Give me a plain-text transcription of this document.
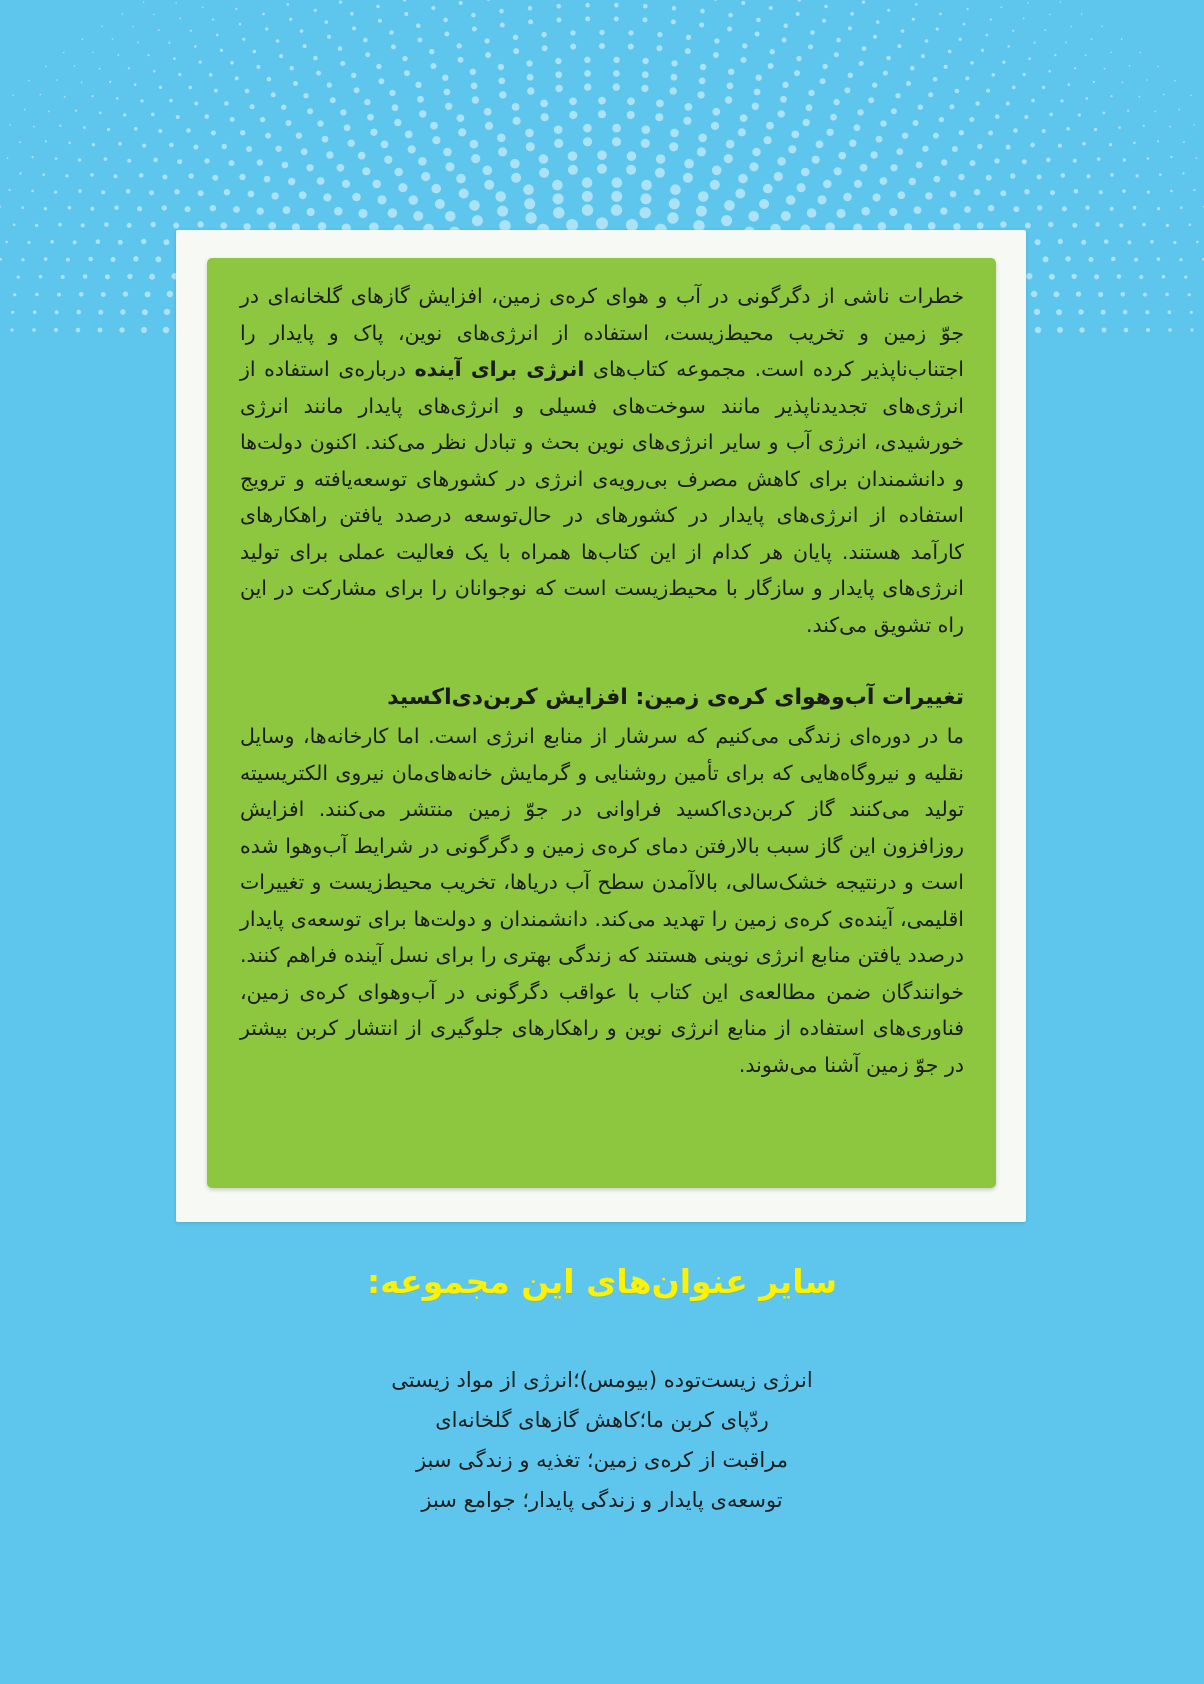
خطرات ناشی از دگرگونی در آب و هوای کره‌ی زمین، افزایش گازهای گلخانه‌ای در جوّ زمین و تخریب محیط‌زیست، استفاده از انرژی‌های نوین، پاک و پایدار را اجتناب‌ناپذیر کرده است. مجموعه کتاب‌های انرژی برای آینده درباره‌ی استفاده از انرژی‌های تجدیدناپذیر مانند سوخت‌های فسیلی و انرژی‌های پایدار مانند انرژی خورشیدی، انرژی آب و سایر انرژی‌های نوین بحث و تبادل نظر می‌کند. اکنون دولت‌ها و دانشمندان برای کاهش مصرف بی‌رویه‌ی انرژی در کشورهای توسعه‌یافته و ترویج استفاده از انرژی‌های پایدار در کشورهای در حال‌توسعه درصدد یافتن راهکارهای کارآمد هستند. پایان هر کدام از این کتاب‌ها همراه با یک فعالیت عملی برای تولید انرژی‌های پایدار و سازگار با محیط‌زیست است که نوجوانان را برای مشارکت در این راه تشویق می‌کند.

تغییرات آب‌وهوای کره‌ی زمین: افزایش کربن‌دی‌اکسید

ما در دوره‌ای زندگی می‌کنیم که سرشار از منابع انرژی است. اما کارخانه‌ها، وسایل نقلیه و نیروگاه‌هایی که برای تأمین روشنایی و گرمایش خانه‌های‌مان نیروی الکتریسیته تولید می‌کنند گاز کربن‌دی‌اکسید فراوانی در جوّ زمین منتشر می‌کنند. افزایش روزافزون این گاز سبب بالارفتن دمای کره‌ی زمین و دگرگونی در شرایط آب‌وهوا شده است و درنتیجه خشک‌سالی، بالاآمدن سطح آب دریاها، تخریب محیط‌زیست و تغییرات اقلیمی، آینده‌ی کره‌ی زمین را تهدید می‌کند. دانشمندان و دولت‌ها برای توسعه‌ی پایدار درصدد یافتن منابع انرژی نوینی هستند که زندگی بهتری را برای نسل آینده فراهم کنند. خوانندگان ضمن مطالعه‌ی این کتاب با عواقب دگرگونی در آب‌وهوای کره‌ی زمین، فناوری‌های استفاده از منابع انرژی نوین و راهکارهای جلوگیری از انتشار کربن بیشتر در جوّ زمین آشنا می‌شوند.

سایر عنوان‌های این مجموعه:
انرژی زیست‌توده (بیومس)؛انرژی از مواد زیستی
ردّپای کربن ما؛کاهش گازهای گلخانه‌ای
مراقبت از کره‌ی زمین؛ تغذیه و زندگی سبز
توسعه‌ی پایدار و زندگی پایدار؛ جوامع سبز
